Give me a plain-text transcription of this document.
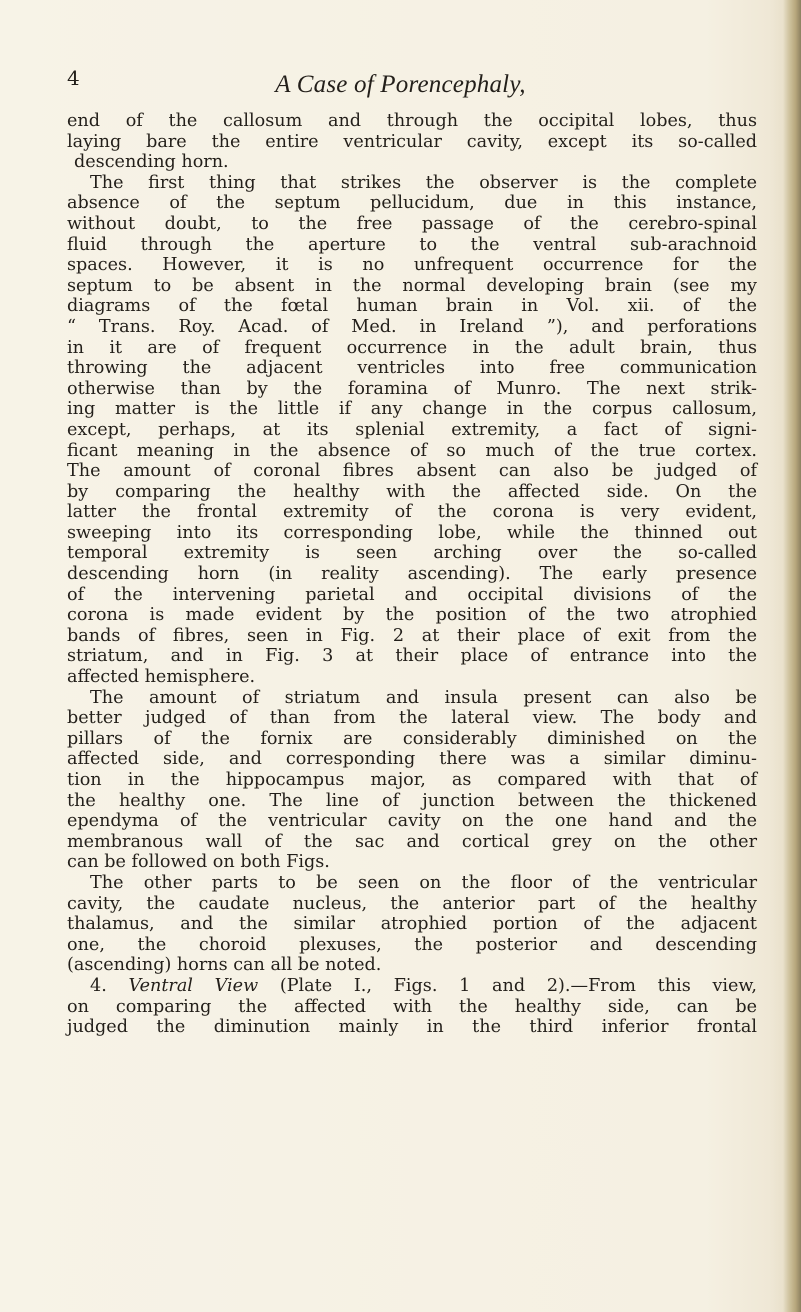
4	A Case of Porencephaly,
end of the callosum and through the occipital lobes, thus
laying bare the entire ventricular cavity, except its so-called
descending horn.
The first thing that strikes the observer is the complete
absence of the septum pellucidum, due in this instance,
without doubt, to the free passage of the cerebro-spinal
fluid through the aperture to the ventral sub-arachnoid
spaces. However, it is no unfrequent occurrence for the
septum to be absent in the normal developing brain (see my
diagrams of the fœtal human brain in Vol. xii. of the
“ Trans. Roy. Acad. of Med. in Ireland ”), and perforations
in it are of frequent occurrence in the adult brain, thus
throwing the adjacent ventricles into free communication
otherwise than by the foramina of Munro. The next strik-
ing matter is the little if any change in the corpus callosum,
except, perhaps, at its splenial extremity, a fact of signi-
ficant meaning in the absence of so much of the true cortex.
The amount of coronal fibres absent can also be judged of
by comparing the healthy with the affected side. On the
latter the frontal extremity of the corona is very evident,
sweeping into its corresponding lobe, while the thinned out
temporal extremity is seen arching over the so-called
descending horn (in reality ascending). The early presence
of the intervening parietal and occipital divisions of the
corona is made evident by the position of the two atrophied
bands of fibres, seen in Fig. 2 at their place of exit from the
striatum, and in Fig. 3 at their place of entrance into the
affected hemisphere.
The amount of striatum and insula present can also be
better judged of than from the lateral view. The body and
pillars of the fornix are considerably diminished on the
affected side, and corresponding there was a similar diminu-
tion in the hippocampus major, as compared with that of
the healthy one. The line of junction between the thickened
ependyma of the ventricular cavity on the one hand and the
membranous wall of the sac and cortical grey on the other
can be followed on both Figs.
The other parts to be seen on the floor of the ventricular
cavity, the caudate nucleus, the anterior part of the healthy
thalamus, and the similar atrophied portion of the adjacent
one, the choroid plexuses, the posterior and descending
(ascending) horns can all be noted.
4. Ventral View (Plate I., Figs. 1 and 2).—From this view,
on comparing the affected with the healthy side, can be
judged the diminution mainly in the third inferior frontal
